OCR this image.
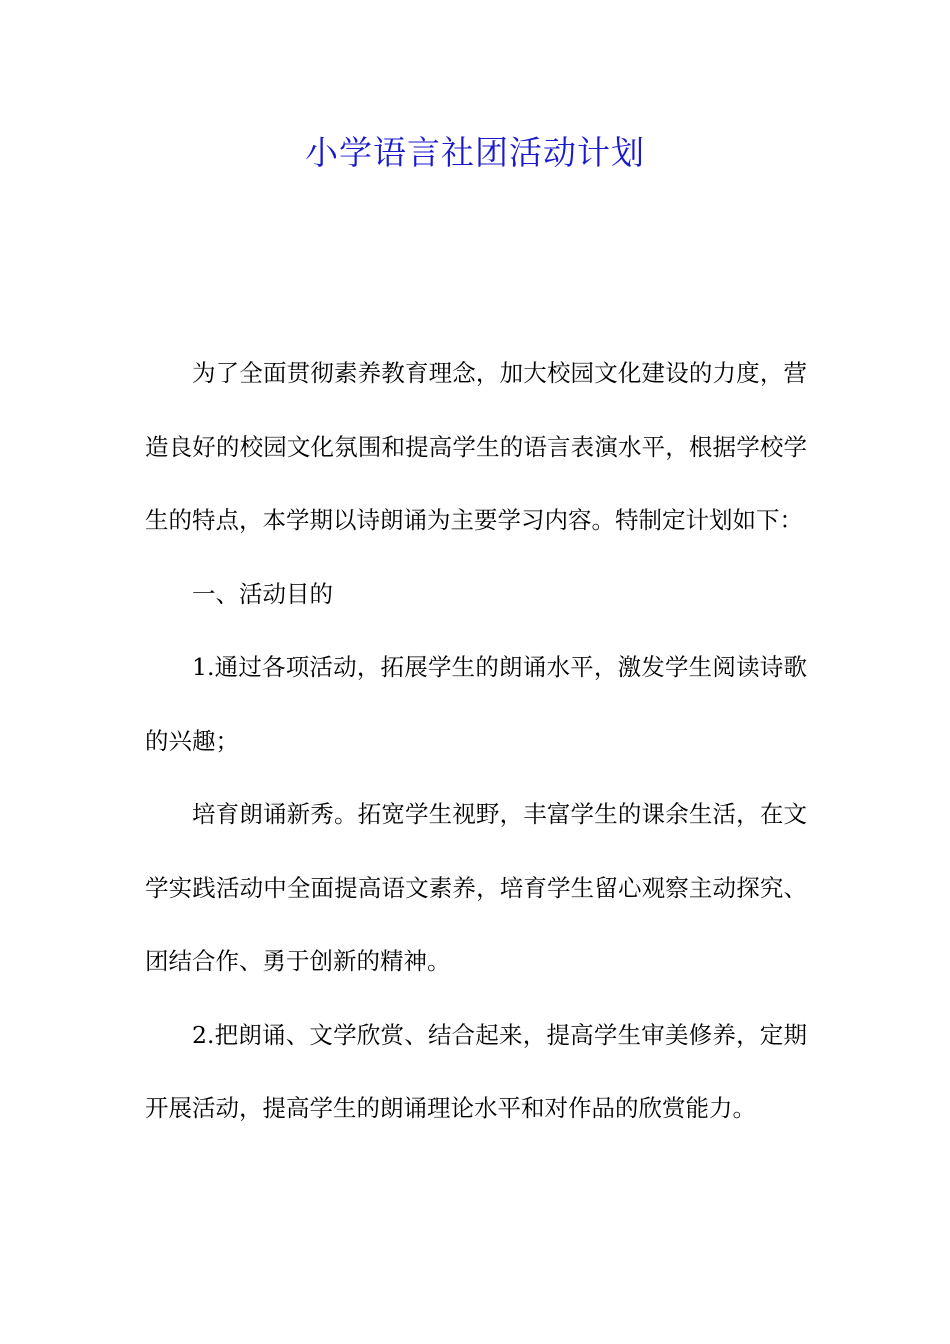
小学语言社团活动计划

为了全面贯彻素养教育理念，加大校园文化建设的力度，营造良好的校园文化氛围和提高学生的语言表演水平，根据学校学生的特点，本学期以诗朗诵为主要学习内容。特制定计划如下：

一、活动目的

1.通过各项活动，拓展学生的朗诵水平，激发学生阅读诗歌的兴趣；

培育朗诵新秀。拓宽学生视野，丰富学生的课余生活，在文学实践活动中全面提高语文素养，培育学生留心观察主动探究、团结合作、勇于创新的精神。

2.把朗诵、文学欣赏、结合起来，提高学生审美修养，定期开展活动，提高学生的朗诵理论水平和对作品的欣赏能力。
